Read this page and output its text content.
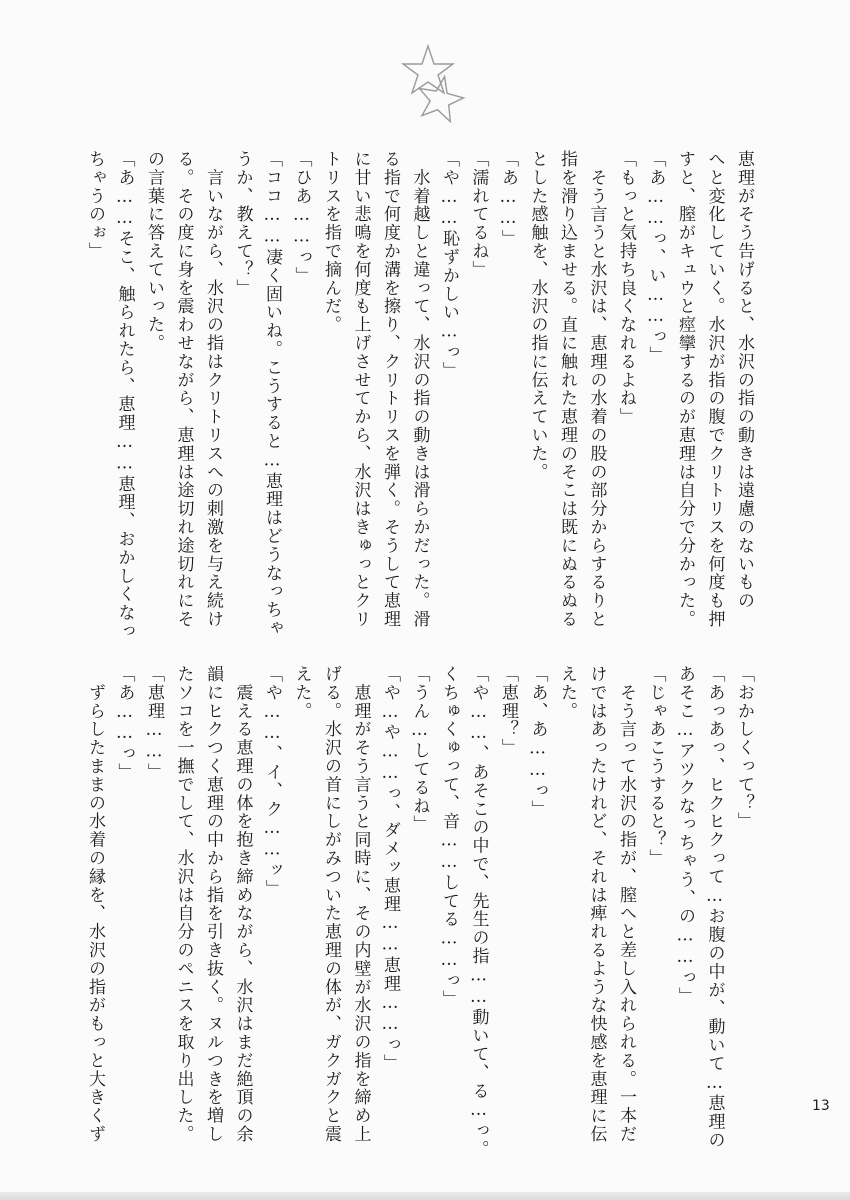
恵理がそう告げると、水沢の指の動きは遠慮のないもの
へと変化していく。水沢が指の腹でクリトリスを何度も押
すと、膣がキュウと痙攣するのが恵理は自分で分かった。
「あ……っ、い……っ」
「もっと気持ち良くなれるよね」
　そう言うと水沢は、恵理の水着の股の部分からするりと
指を滑り込ませる。直に触れた恵理のそこは既にぬるぬる
とした感触を、水沢の指に伝えていた。
「あ……」
「濡れてるね」
「や……恥ずかしい…っ」
　水着越しと違って、水沢の指の動きは滑らかだった。滑
る指で何度か溝を擦り、クリトリスを弾く。そうして恵理
に甘い悲鳴を何度も上げさせてから、水沢はきゅっとクリ
トリスを指で摘んだ。
「ひあ……っ」
「ココ……凄く固いね。こうすると…恵理はどうなっちゃ
うか、教えて？」
　言いながら、水沢の指はクリトリスへの刺激を与え続け
る。その度に身を震わせながら、恵理は途切れ途切れにそ
の言葉に答えていった。
「あ……そこ、触られたら、恵理……恵理、おかしくなっ
ちゃうのぉ」
「おかしくって？」
「あっあっ、ヒクヒクって…お腹の中が、動いて…恵理の
あそこ…アツクなっちゃう、の……っ」
「じゃあこうすると？」
　そう言って水沢の指が、膣へと差し入れられる。一本だ
けではあったけれど、それは痺れるような快感を恵理に伝
えた。
「あ、あ……っ」
「恵理？」
「や……、あそこの中で、先生の指……動いて、る…っ。
くちゅくゅって、音……してる……っ」
「うん…してるね」
「や…や……っ、ダメッ恵理……恵理……っ」
　恵理がそう言うと同時に、その内壁が水沢の指を締め上
げる。水沢の首にしがみついた恵理の体が、ガクガクと震
えた。
「や……、イ、ク……ッ」
　震える恵理の体を抱き締めながら、水沢はまだ絶頂の余
韻にヒクつく恵理の中から指を引き抜く。ヌルつきを増し
たソコを一撫でして、水沢は自分のペニスを取り出した。
「恵理……」
「あ……っ」
　ずらしたままの水着の縁を、水沢の指がもっと大きくず	13
